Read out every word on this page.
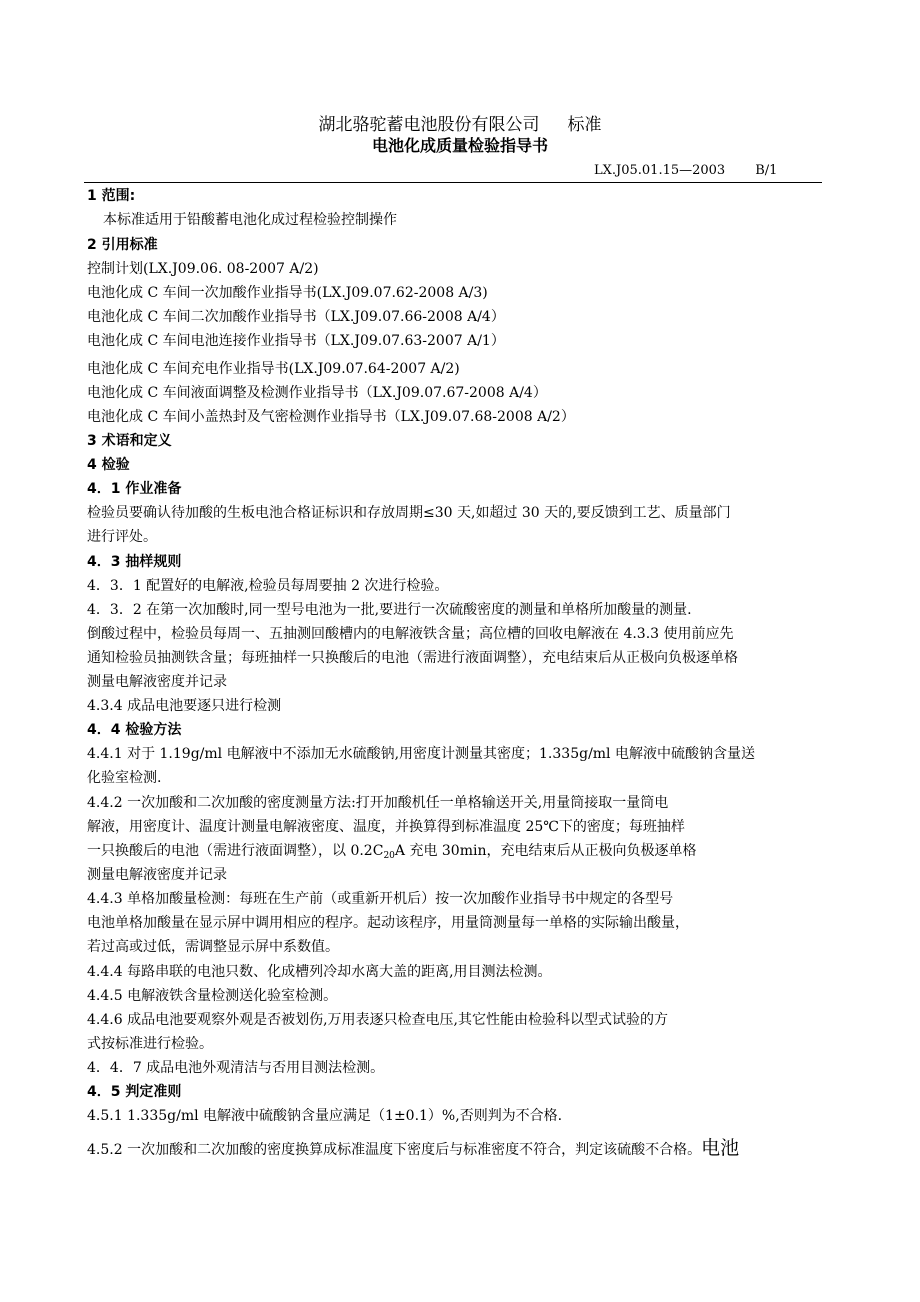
湖北骆驼蓄电池股份有限公司 标准
电池化成质量检验指导书
LX.J05.01.15—2003 B/1
1 范围:
本标准适用于铅酸蓄电池化成过程检验控制操作
2 引用标准
控制计划(LX.J09.06. 08-2007 A/2)
电池化成 C 车间一次加酸作业指导书(LX.J09.07.62-2008 A/3)
电池化成 C 车间二次加酸作业指导书（LX.J09.07.66-2008 A/4）
电池化成 C 车间电池连接作业指导书（LX.J09.07.63-2007 A/1）
电池化成 C 车间充电作业指导书(LX.J09.07.64-2007 A/2)
电池化成 C 车间液面调整及检测作业指导书（LX.J09.07.67-2008 A/4）
电池化成 C 车间小盖热封及气密检测作业指导书（LX.J09.07.68-2008 A/2）
3 术语和定义
4 检验
4．1 作业准备
检验员要确认待加酸的生板电池合格证标识和存放周期≤30 天,如超过 30 天的,要反馈到工艺、质量部门
进行评处。
4．3 抽样规则
4．3．1 配置好的电解液,检验员每周要抽 2 次进行检验。
4．3．2 在第一次加酸时,同一型号电池为一批,要进行一次硫酸密度的测量和单格所加酸量的测量.
倒酸过程中，检验员每周一、五抽测回酸槽内的电解液铁含量；高位槽的回收电解液在 4.3.3 使用前应先
通知检验员抽测铁含量；每班抽样一只换酸后的电池（需进行液面调整），充电结束后从正极向负极逐单格
测量电解液密度并记录
4.3.4 成品电池要逐只进行检测
4．4 检验方法
4.4.1 对于 1.19g/ml 电解液中不添加无水硫酸钠,用密度计测量其密度；1.335g/ml 电解液中硫酸钠含量送
化验室检测.
4.4.2 一次加酸和二次加酸的密度测量方法:打开加酸机任一单格输送开关,用量筒接取一量筒电
解液，用密度计、温度计测量电解液密度、温度，并换算得到标准温度 25℃下的密度；每班抽样
一只换酸后的电池（需进行液面调整），以 $0.2C_{20}A$ 充电 30min，充电结束后从正极向负极逐单格
测量电解液密度并记录
4.4.3 单格加酸量检测：每班在生产前（或重新开机后）按一次加酸作业指导书中规定的各型号
电池单格加酸量在显示屏中调用相应的程序。起动该程序，用量筒测量每一单格的实际输出酸量，
若过高或过低，需调整显示屏中系数值。
4.4.4 每路串联的电池只数、化成槽列冷却水离大盖的距离,用目测法检测。
4.4.5 电解液铁含量检测送化验室检测。
4.4.6 成品电池要观察外观是否被划伤,万用表逐只检查电压,其它性能由检验科以型式试验的方
式按标准进行检验。
4．4．7 成品电池外观清洁与否用目测法检测。
4．5 判定准则
4.5.1 1.335g/ml 电解液中硫酸钠含量应满足（1±0.1）%,否则判为不合格.
4.5.2 一次加酸和二次加酸的密度换算成标准温度下密度后与标准密度不符合，判定该硫酸不合格。电池
